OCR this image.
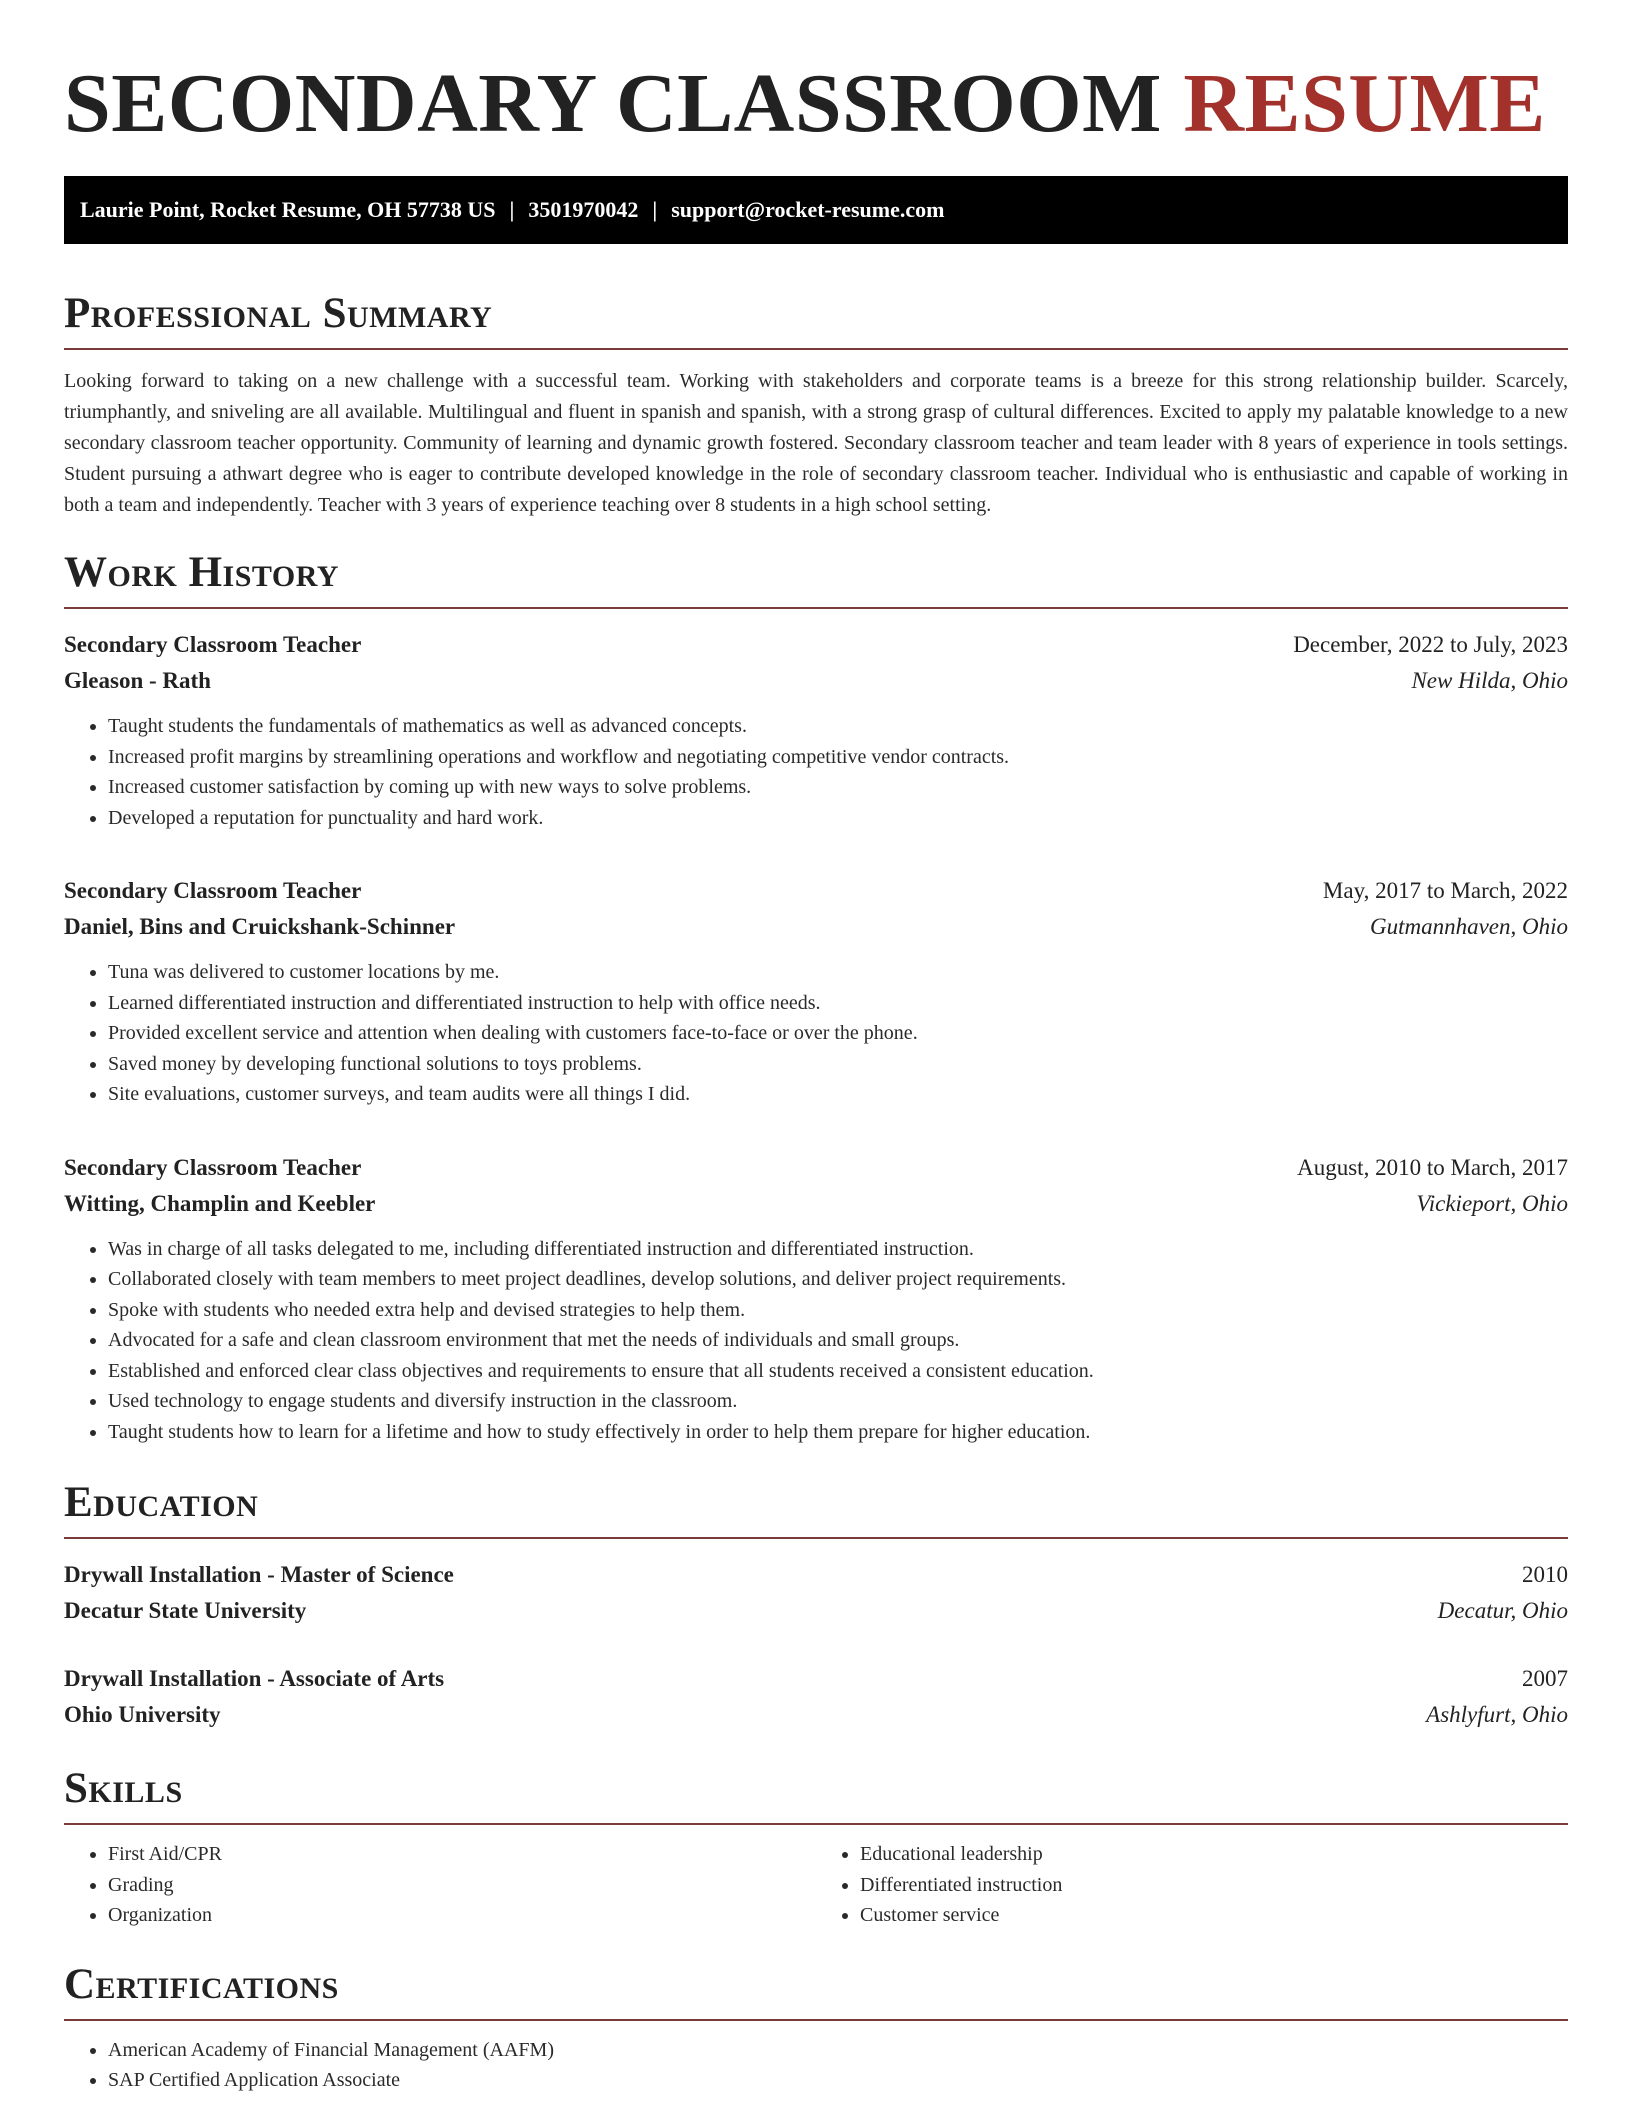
SECONDARY CLASSROOM RESUME
Laurie Point, Rocket Resume, OH 57738 US | 3501970042 | support@rocket-resume.com
Professional Summary

Looking forward to taking on a new challenge with a successful team. Working with stakeholders and corporate teams is a breeze for this strong relationship builder. Scarcely, triumphantly, and sniveling are all available. Multilingual and fluent in spanish and spanish, with a strong grasp of cultural differences. Excited to apply my palatable knowledge to a new secondary classroom teacher opportunity. Community of learning and dynamic growth fostered. Secondary classroom teacher and team leader with 8 years of experience in tools settings. Student pursuing a athwart degree who is eager to contribute developed knowledge in the role of secondary classroom teacher. Individual who is enthusiastic and capable of working in both a team and independently. Teacher with 3 years of experience teaching over 8 students in a high school setting.

Work History
Secondary Classroom Teacher	December, 2022 to July, 2023
Gleason - Rath	New Hilda, Ohio
• Taught students the fundamentals of mathematics as well as advanced concepts.
• Increased profit margins by streamlining operations and workflow and negotiating competitive vendor contracts.
• Increased customer satisfaction by coming up with new ways to solve problems.
• Developed a reputation for punctuality and hard work.
Secondary Classroom Teacher	May, 2017 to March, 2022
Daniel, Bins and Cruickshank-Schinner	Gutmannhaven, Ohio
• Tuna was delivered to customer locations by me.
• Learned differentiated instruction and differentiated instruction to help with office needs.
• Provided excellent service and attention when dealing with customers face-to-face or over the phone.
• Saved money by developing functional solutions to toys problems.
• Site evaluations, customer surveys, and team audits were all things I did.
Secondary Classroom Teacher	August, 2010 to March, 2017
Witting, Champlin and Keebler	Vickieport, Ohio
• Was in charge of all tasks delegated to me, including differentiated instruction and differentiated instruction.
• Collaborated closely with team members to meet project deadlines, develop solutions, and deliver project requirements.
• Spoke with students who needed extra help and devised strategies to help them.
• Advocated for a safe and clean classroom environment that met the needs of individuals and small groups.
• Established and enforced clear class objectives and requirements to ensure that all students received a consistent education.
• Used technology to engage students and diversify instruction in the classroom.
• Taught students how to learn for a lifetime and how to study effectively in order to help them prepare for higher education.
Education
Drywall Installation - Master of Science	2010
Decatur State University	Decatur, Ohio
Drywall Installation - Associate of Arts	2007
Ohio University	Ashlyfurt, Ohio
Skills
• First Aid/CPR
• Grading
• Organization
• Educational leadership
• Differentiated instruction
• Customer service
Certifications
• American Academy of Financial Management (AAFM)
• SAP Certified Application Associate
